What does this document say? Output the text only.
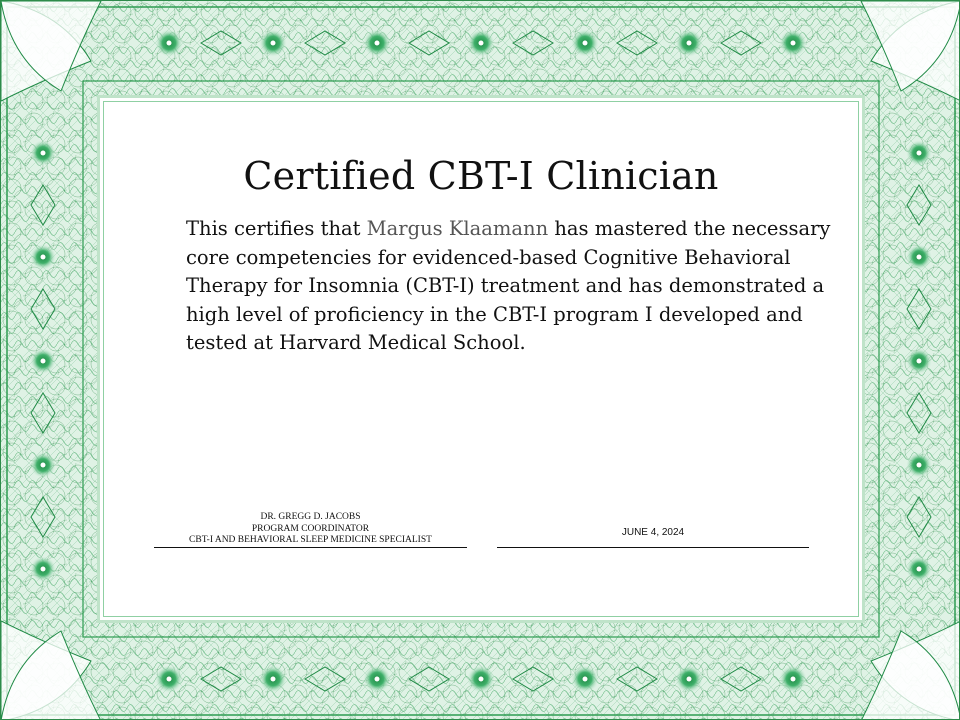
Certified CBT-I Clinician
This certifies that Margus Klaamann has mastered the necessary core competencies for evidenced-based Cognitive Behavioral Therapy for Insomnia (CBT-I) treatment and has demonstrated a high level of proficiency in the CBT-I program I developed and tested at Harvard Medical School.
DR. GREGG D. JACOBS
PROGRAM COORDINATOR
CBT-I AND BEHAVIORAL SLEEP MEDICINE SPECIALIST
JUNE 4, 2024
